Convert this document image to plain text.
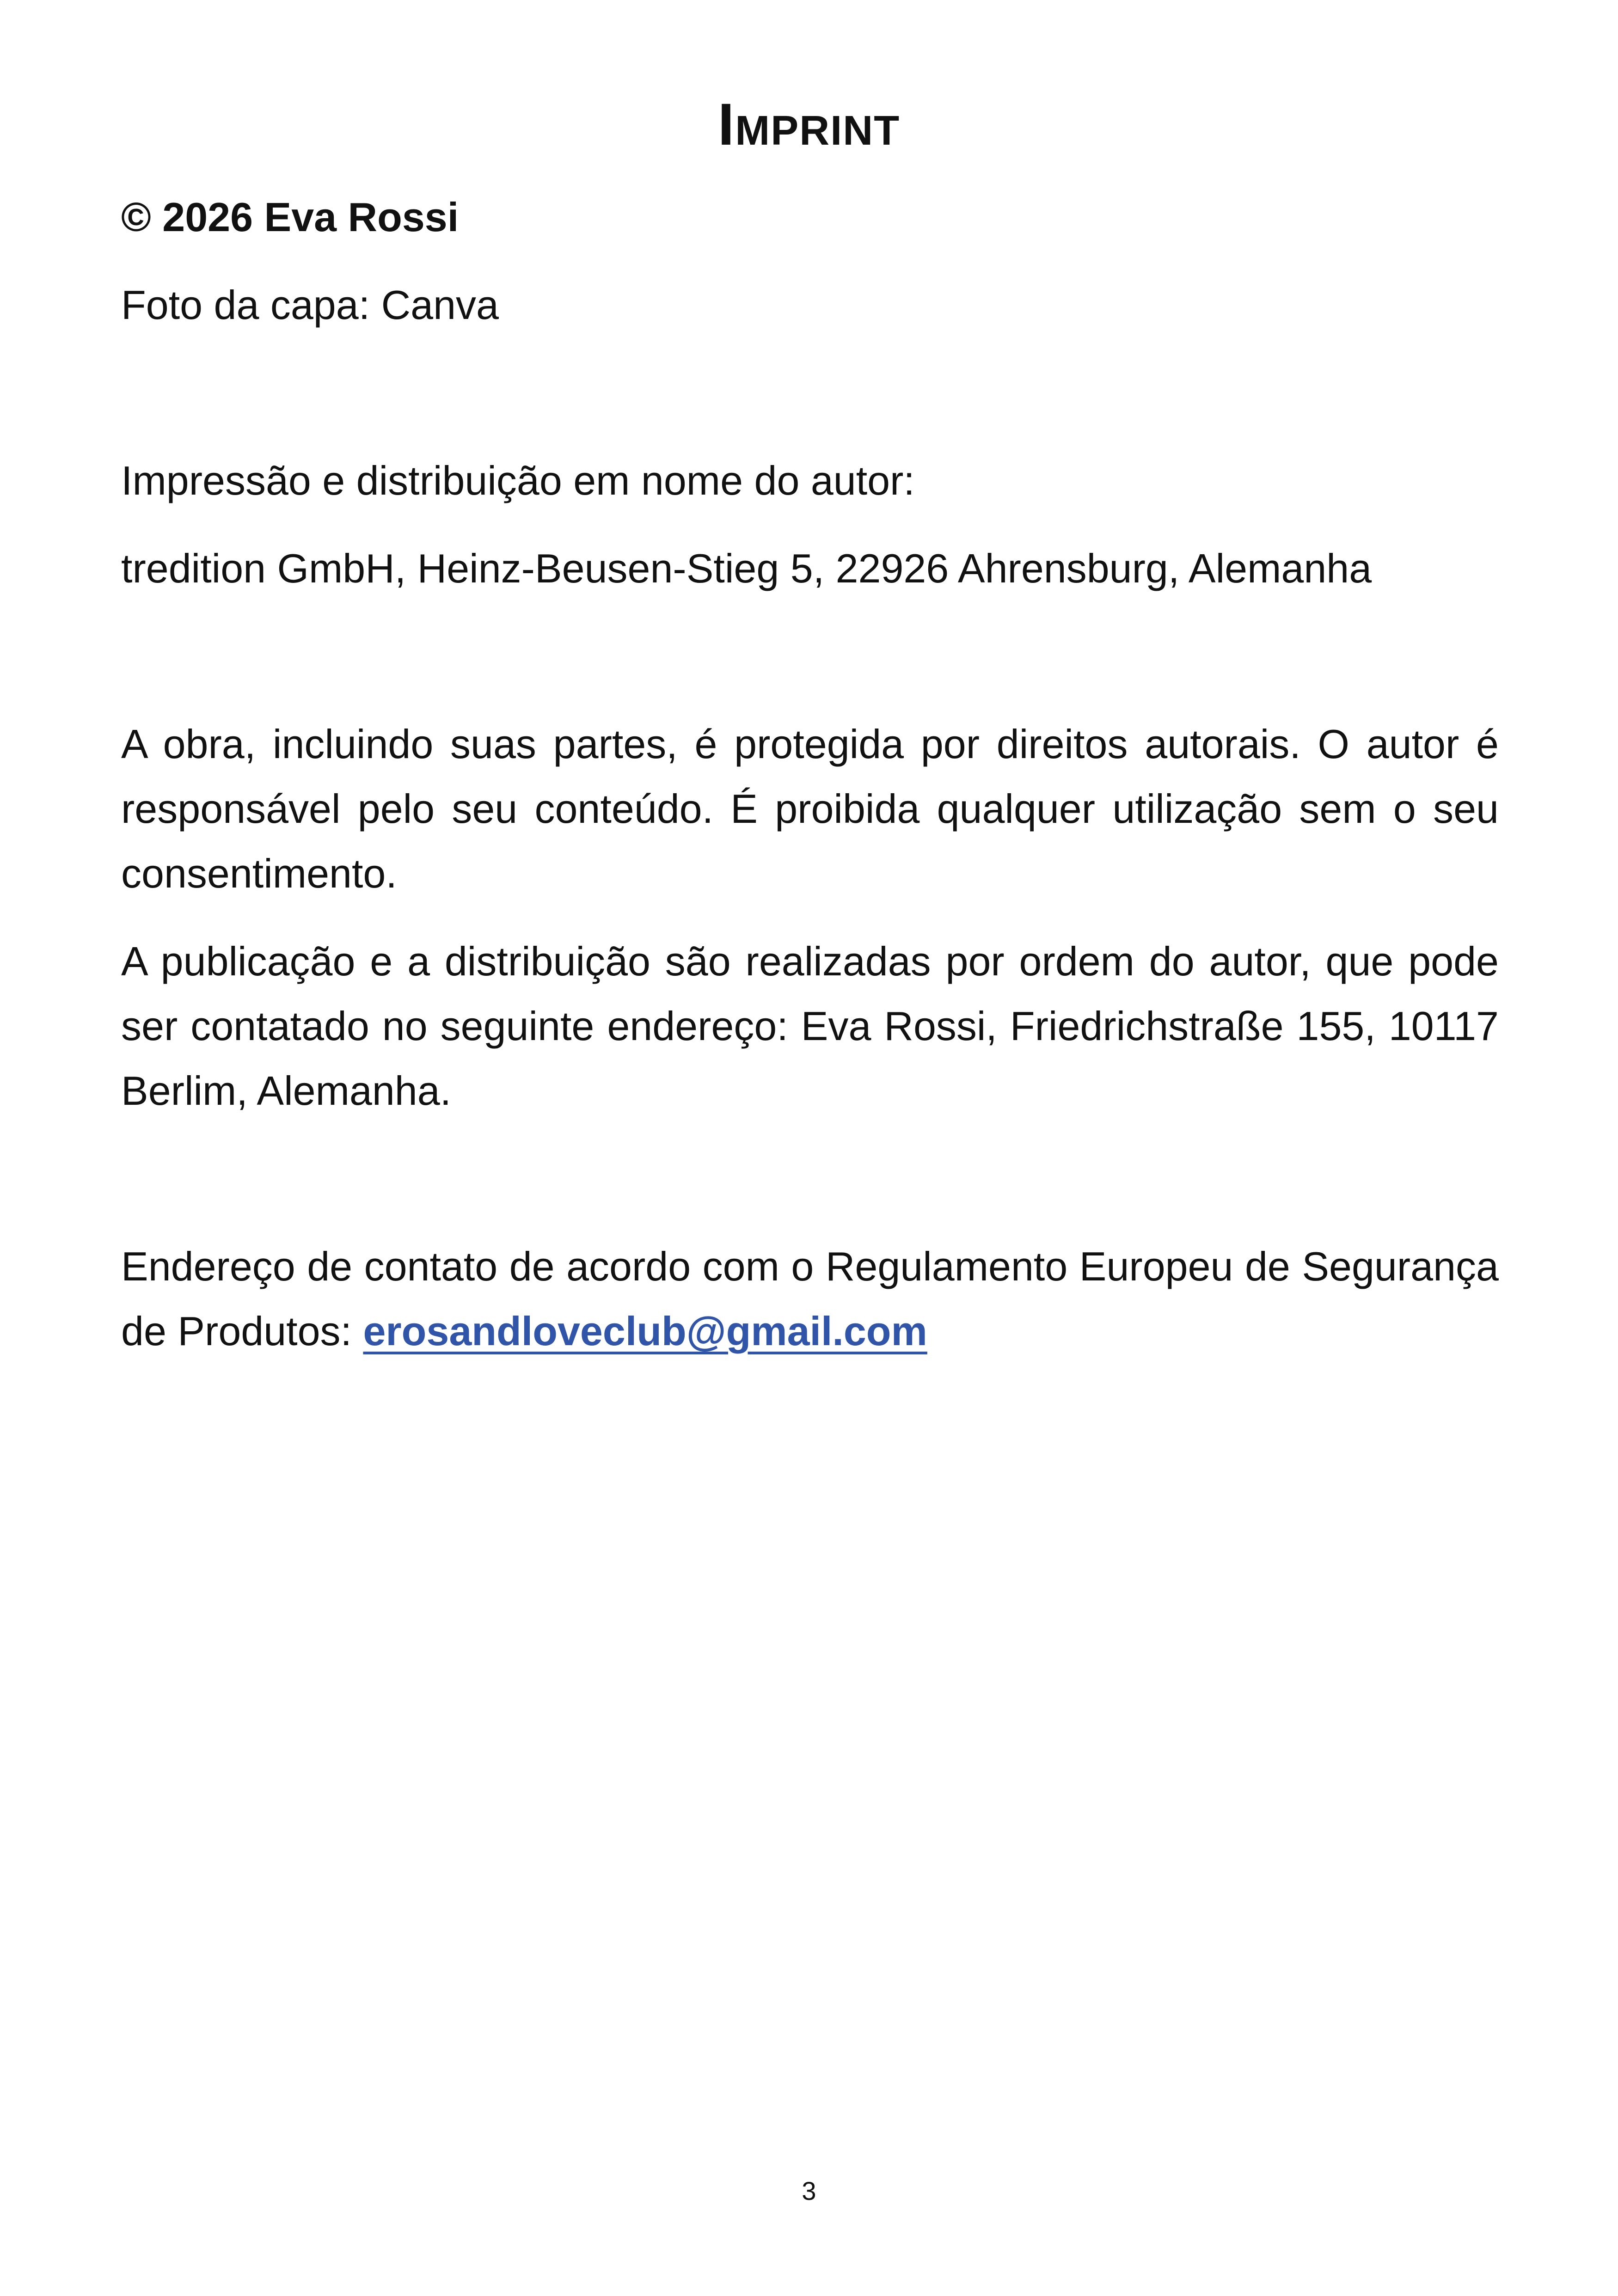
Imprint

© 2026 Eva Rossi

Foto da capa: Canva

Impressão e distribuição em nome do autor:

tredition GmbH, Heinz-Beusen-Stieg 5, 22926 Ahrensburg, Alemanha

A obra, incluindo suas partes, é protegida por direitos autorais. O autor é responsável pelo seu conteúdo. É proibida qualquer utilização sem o seu consentimento.

A publicação e a distribuição são realizadas por ordem do autor, que pode ser contatado no seguinte endereço: Eva Rossi, Friedrichstraße 155, 10117 Berlim, Alemanha.

Endereço de contato de acordo com o Regulamento Europeu de Segurança de Produtos: erosandloveclub@gmail.com

3
